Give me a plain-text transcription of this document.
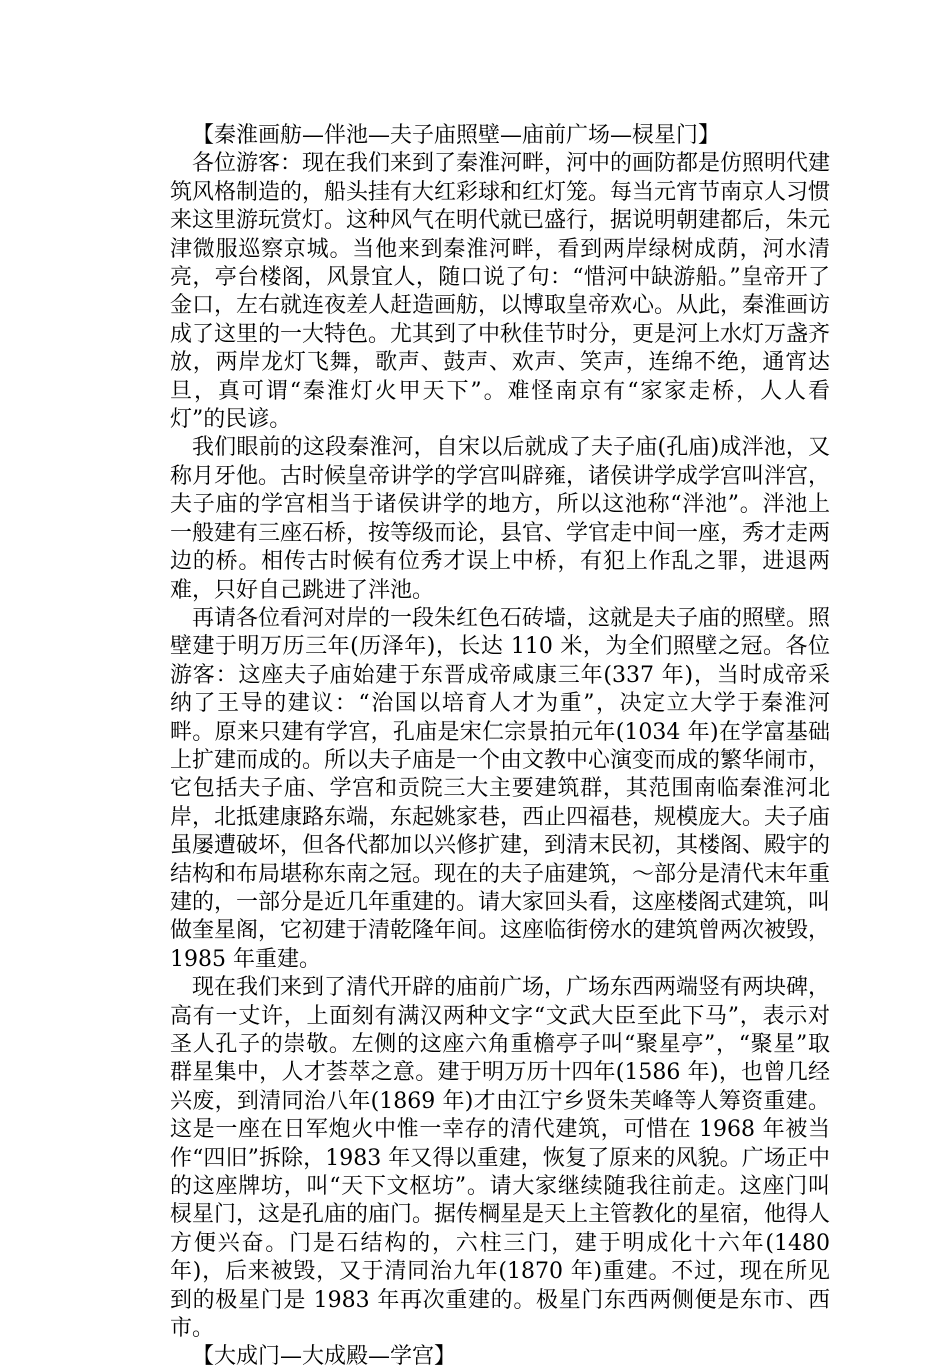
【秦淮画舫—伴池—夫子庙照壁—庙前广场—棂星门】

各位游客：现在我们来到了秦淮河畔，河中的画防都是仿照明代建筑风格制造的，船头挂有大红彩球和红灯笼。每当元宵节南京人习惯来这里游玩赏灯。这种风气在明代就已盛行，据说明朝建都后，朱元津微服巡察京城。当他来到秦淮河畔，看到两岸绿树成荫，河水清亮，亭台楼阁，风景宜人，随口说了句：“惜河中缺游船。”皇帝开了金口，左右就连夜差人赶造画舫，以博取皇帝欢心。从此，秦淮画访成了这里的一大特色。尤其到了中秋佳节时分，更是河上水灯万盏齐放，两岸龙灯飞舞，歌声、鼓声、欢声、笑声，连绵不绝，通宵达旦，真可谓“秦淮灯火甲天下”。难怪南京有“家家走桥，人人看灯”的民谚。

我们眼前的这段秦淮河，自宋以后就成了夫子庙(孔庙)成泮池，又称月牙他。古时候皇帝讲学的学宫叫辟雍，诸侯讲学成学宫叫泮宫，夫子庙的学宫相当于诸侯讲学的地方，所以这池称“泮池”。泮池上一般建有三座石桥，按等级而论，县官、学官走中间一座，秀才走两边的桥。相传古时候有位秀才误上中桥，有犯上作乱之罪，进退两难，只好自己跳进了泮池。

再请各位看河对岸的一段朱红色石砖墙，这就是夫子庙的照壁。照壁建于明万历三年(历泽年)，长达 110 米，为全们照壁之冠。各位游客：这座夫子庙始建于东晋成帝咸康三年(337 年)，当时成帝采纳了王导的建议：“治国以培育人才为重”，决定立大学于秦淮河畔。原来只建有学宫，孔庙是宋仁宗景拍元年(1034 年)在学富基础上扩建而成的。所以夫子庙是一个由文教中心演变而成的繁华闹市，它包括夫子庙、学宫和贡院三大主要建筑群，其范围南临秦淮河北岸，北抵建康路东端，东起姚家巷，西止四福巷，规模庞大。夫子庙虽屡遭破坏，但各代都加以兴修扩建，到清末民初，其楼阁、殿宇的结构和布局堪称东南之冠。现在的夫子庙建筑，～部分是清代末年重建的，一部分是近几年重建的。请大家回头看，这座楼阁式建筑，叫做奎星阁，它初建于清乾隆年间。这座临街傍水的建筑曾两次被毁，1985 年重建。

现在我们来到了清代开辟的庙前广场，广场东西两端竖有两块碑，高有一丈许，上面刻有满汉两种文字“文武大臣至此下马”，表示对圣人孔子的崇敬。左侧的这座六角重檐亭子叫“聚星亭”，“聚星”取群星集中，人才荟萃之意。建于明万历十四年(1586 年)，也曾几经兴废，到清同治八年(1869 年)才由江宁乡贤朱芙峰等人筹资重建。这是一座在日军炮火中惟一幸存的清代建筑，可惜在 1968 年被当作“四旧”拆除，1983 年又得以重建，恢复了原来的风貌。广场正中的这座牌坊，叫“天下文枢坊”。请大家继续随我往前走。这座门叫棂星门，这是孔庙的庙门。据传棡星是天上主管教化的星宿，他得人方便兴奋。门是石结构的，六柱三门，建于明成化十六年(1480 年)，后来被毁，又于清同治九年(1870 年)重建。不过，现在所见到的极星门是 1983 年再次重建的。极星门东西两侧便是东市、西市。

【大成门—大成殿—学宫】
